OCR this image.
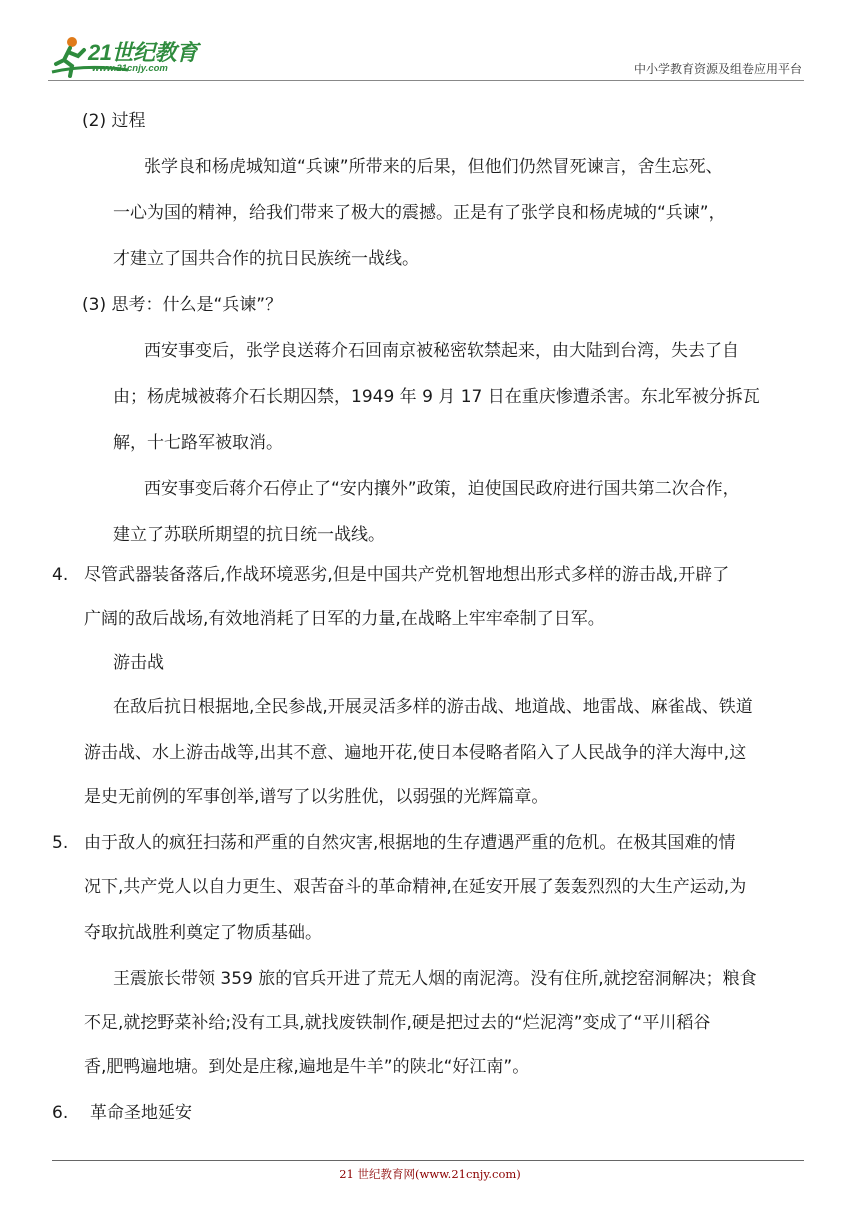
21世纪教育
www.21cnjy.com	中小学教育资源及组卷应用平台
(2) 过程
张学良和杨虎城知道“兵谏”所带来的后果，但他们仍然冒死谏言，舍生忘死、
一心为国的精神，给我们带来了极大的震撼。正是有了张学良和杨虎城的“兵谏”，
才建立了国共合作的抗日民族统一战线。
(3) 思考：什么是“兵谏”？
西安事变后，张学良送蒋介石回南京被秘密软禁起来，由大陆到台湾，失去了自
由；杨虎城被蒋介石长期囚禁，1949 年 9 月 17 日在重庆惨遭杀害。东北军被分拆瓦
解，十七路军被取消。
西安事变后蒋介石停止了“安内攘外”政策，迫使国民政府进行国共第二次合作，
建立了苏联所期望的抗日统一战线。
4. 尽管武器装备落后,作战环境恶劣,但是中国共产党机智地想出形式多样的游击战,开辟了
广阔的敌后战场,有效地消耗了日军的力量,在战略上牢牢牵制了日军。
游击战
在敌后抗日根据地,全民参战,开展灵活多样的游击战、地道战、地雷战、麻雀战、铁道
游击战、水上游击战等,出其不意、遍地开花,使日本侵略者陷入了人民战争的洋大海中,这
是史无前例的军事创举,谱写了以劣胜优，以弱强的光辉篇章。
5. 由于敌人的疯狂扫荡和严重的自然灾害,根据地的生存遭遇严重的危机。在极其国难的情
况下,共产党人以自力更生、艰苦奋斗的革命精神,在延安开展了轰轰烈烈的大生产运动,为
夺取抗战胜利奠定了物质基础。
王震旅长带领 359 旅的官兵开进了荒无人烟的南泥湾。没有住所,就挖窑洞解决；粮食
不足,就挖野菜补给;没有工具,就找废铁制作,硬是把过去的“烂泥湾”变成了“平川稻谷
香,肥鸭遍地塘。到处是庄稼,遍地是牛羊”的陕北“好江南”。
6. 革命圣地延安
21 世纪教育网(www.21cnjy.com)
